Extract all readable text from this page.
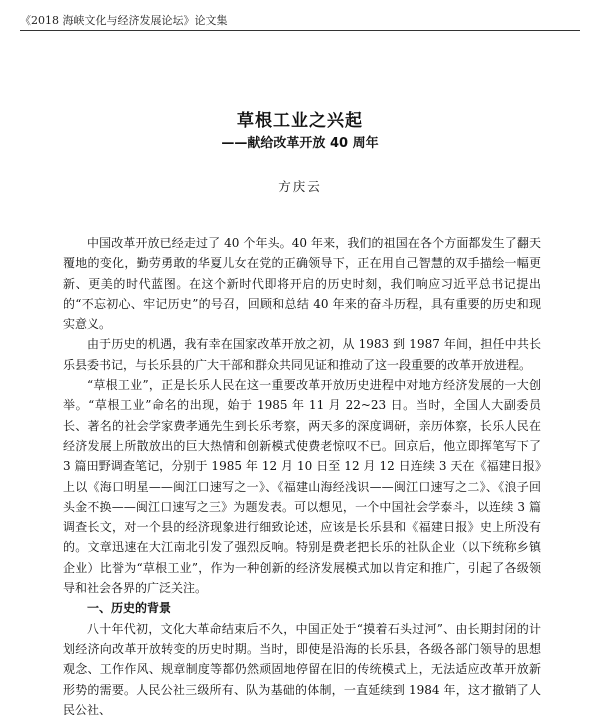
《2018 海峡文化与经济发展论坛》论文集
草根工业之兴起
——献给改革开放 40 周年
方庆云

中国改革开放已经走过了 40 个年头。40 年来，我们的祖国在各个方面都发生了翻天覆地的变化，勤劳勇敢的华夏儿女在党的正确领导下，正在用自己智慧的双手描绘一幅更新、更美的时代蓝图。在这个新时代即将开启的历史时刻，我们响应习近平总书记提出的“不忘初心、牢记历史”的号召，回顾和总结 40 年来的奋斗历程，具有重要的历史和现实意义。

由于历史的机遇，我有幸在国家改革开放之初，从 1983 到 1987 年间，担任中共长乐县委书记，与长乐县的广大干部和群众共同见证和推动了这一段重要的改革开放进程。

“草根工业”，正是长乐人民在这一重要改革开放历史进程中对地方经济发展的一大创举。“草根工业”命名的出现，始于 1985 年 11 月 22~23 日。当时，全国人大副委员长、著名的社会学家费孝通先生到长乐考察，两天多的深度调研，亲历体察，长乐人民在经济发展上所散放出的巨大热情和创新模式使费老惊叹不已。回京后，他立即挥笔写下了 3 篇田野调查笔记，分别于 1985 年 12 月 10 日至 12 月 12 日连续 3 天在《福建日报》上以《海口明星——闽江口速写之一》、《福建山海经浅识——闽江口速写之二》、《浪子回头金不换——闽江口速写之三》为题发表。可以想见，一个中国社会学泰斗，以连续 3 篇调查长文，对一个县的经济现象进行细致论述，应该是长乐县和《福建日报》史上所没有的。文章迅速在大江南北引发了强烈反响。特别是费老把长乐的社队企业（以下统称乡镇企业）比誉为“草根工业”，作为一种创新的经济发展模式加以肯定和推广，引起了各级领导和社会各界的广泛关注。

一、历史的背景

八十年代初，文化大革命结束后不久，中国正处于“摸着石头过河”、由长期封闭的计划经济向改革开放转变的历史时期。当时，即使是沿海的长乐县，各级各部门领导的思想观念、工作作风、规章制度等都仍然顽固地停留在旧的传统模式上，无法适应改革开放新形势的需要。人民公社三级所有、队为基础的体制，一直延续到 1984 年，这才撤销了人民公社、
